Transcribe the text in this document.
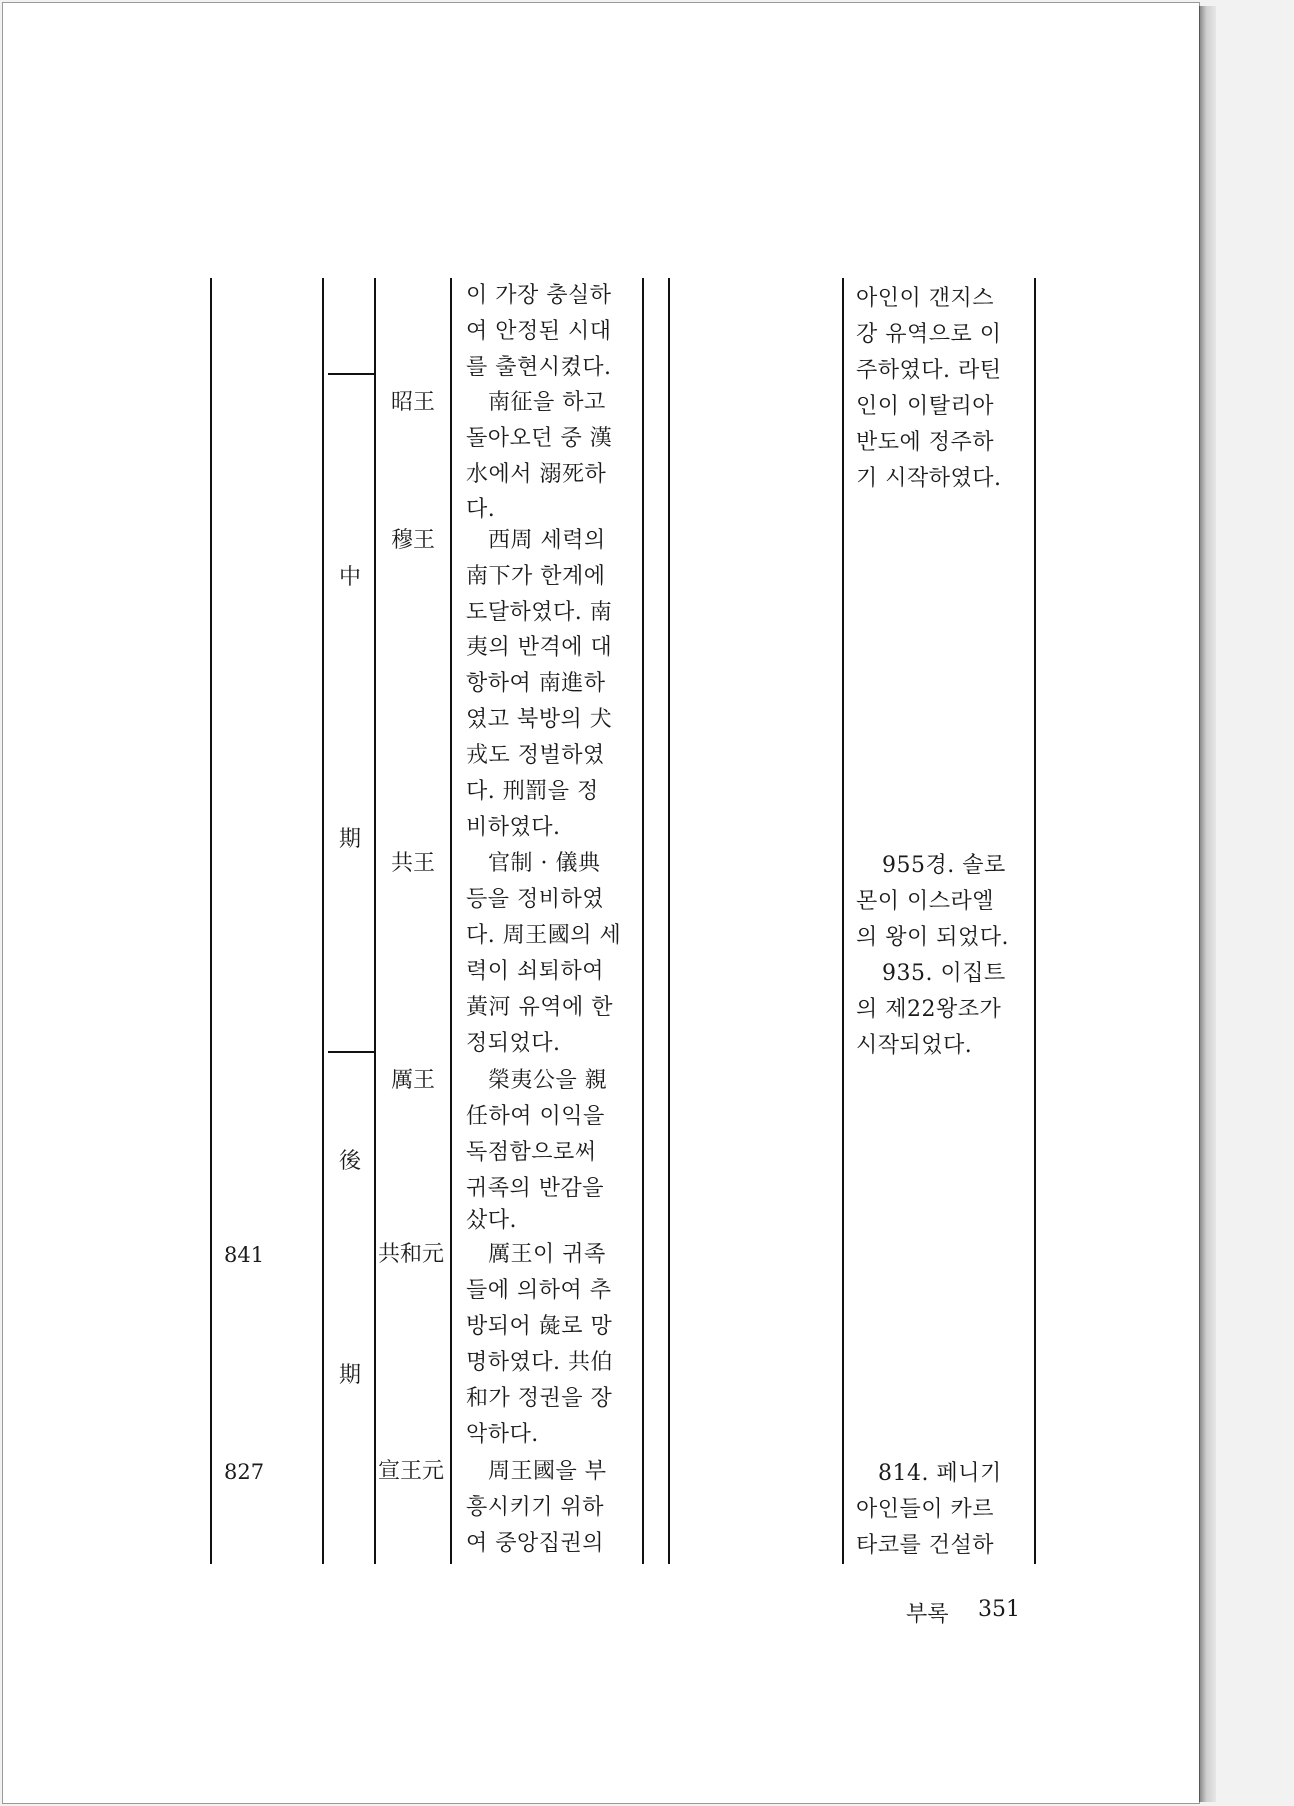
841
827
中
期
後
期
昭王
穆王
共王
厲王
共和元
宣王元
이 가장 충실하
여 안정된 시대
를 출현시켰다.
南征을 하고
돌아오던 중 漢
水에서 溺死하
다.
西周 세력의
南下가 한계에
도달하였다. 南
夷의 반격에 대
항하여 南進하
였고 북방의 犬
戎도 정벌하였
다. 刑罰을 정
비하였다.
官制 · 儀典
등을 정비하였
다. 周王國의 세
력이 쇠퇴하여
黃河 유역에 한
정되었다.
榮夷公을 親
任하여 이익을
독점함으로써
귀족의 반감을
샀다.
厲王이 귀족
들에 의하여 추
방되어 彘로 망
명하였다. 共伯
和가 정권을 장
악하다.
周王國을 부
흥시키기 위하
여 중앙집권의
아인이 갠지스
강 유역으로 이
주하였다. 라틴
인이 이탈리아
반도에 정주하
기 시작하였다.
955경. 솔로
몬이 이스라엘
의 왕이 되었다.
935. 이집트
의 제22왕조가
시작되었다.
814. 페니기
아인들이 카르
타코를 건설하
부록 351
